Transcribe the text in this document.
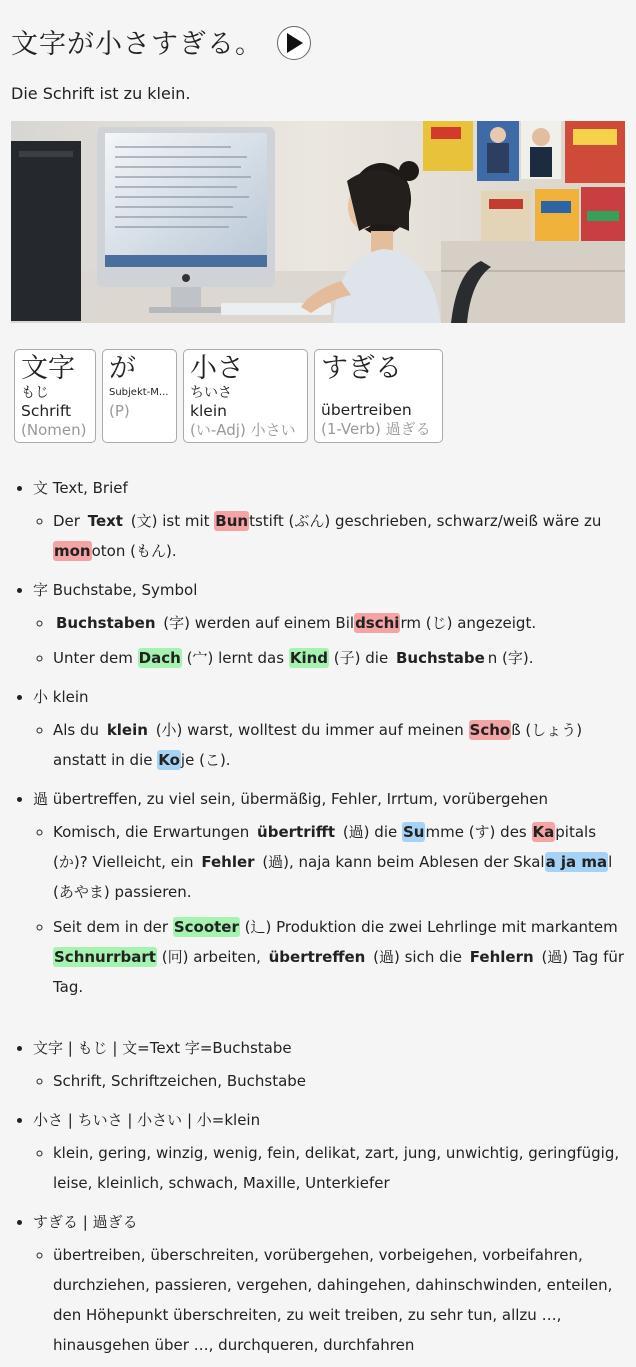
文字が小さすぎる。
Die Schrift ist zu klein.
文字
もじ
Schrift
(Nomen)
が
Subjekt-M...
(P)
小さ
ちいさ
klein
(い-Adj) 小さい
すぎる
übertreiben
(1-Verb) 過ぎる
• 文 Text, Brief
◦ Der Text (文) ist mit Buntstift (ぶん) geschrieben, schwarz/weiß wäre zu monoton (もん).
• 字 Buchstabe, Symbol
◦ Buchstaben (字) werden auf einem Bildschirm (じ) angezeigt.
◦ Unter dem Dach (宀) lernt das Kind (子) die Buchstabe n (字).
• 小 klein
◦ Als du klein (小) warst, wolltest du immer auf meinen Schoß (しょう) anstatt in die Koje (こ).
• 過 übertreffen, zu viel sein, übermäßig, Fehler, Irrtum, vorübergehen
◦ Komisch, die Erwartungen übertrifft (過) die Summe (す) des Kapitals (か)? Vielleicht, ein Fehler (過), naja kann beim Ablesen der Skala ja mal (あやま) passieren.
◦ Seit dem in der Scooter (⻌) Produktion die zwei Lehrlinge mit markantem Schnurrbart (冋) arbeiten, übertreffen (過) sich die Fehlern (過) Tag für Tag.
• 文字 | もじ | 文=Text 字=Buchstabe
◦ Schrift, Schriftzeichen, Buchstabe
• 小さ | ちいさ | 小さい | 小=klein
◦ klein, gering, winzig, wenig, fein, delikat, zart, jung, unwichtig, geringfügig, leise, kleinlich, schwach, Maxille, Unterkiefer
• すぎる | 過ぎる
◦ übertreiben, überschreiten, vorübergehen, vorbeigehen, vorbeifahren, durchziehen, passieren, vergehen, dahingehen, dahinschwinden, enteilen, den Höhepunkt überschreiten, zu weit treiben, zu sehr tun, allzu …, hinausgehen über …, durchqueren, durchfahren
